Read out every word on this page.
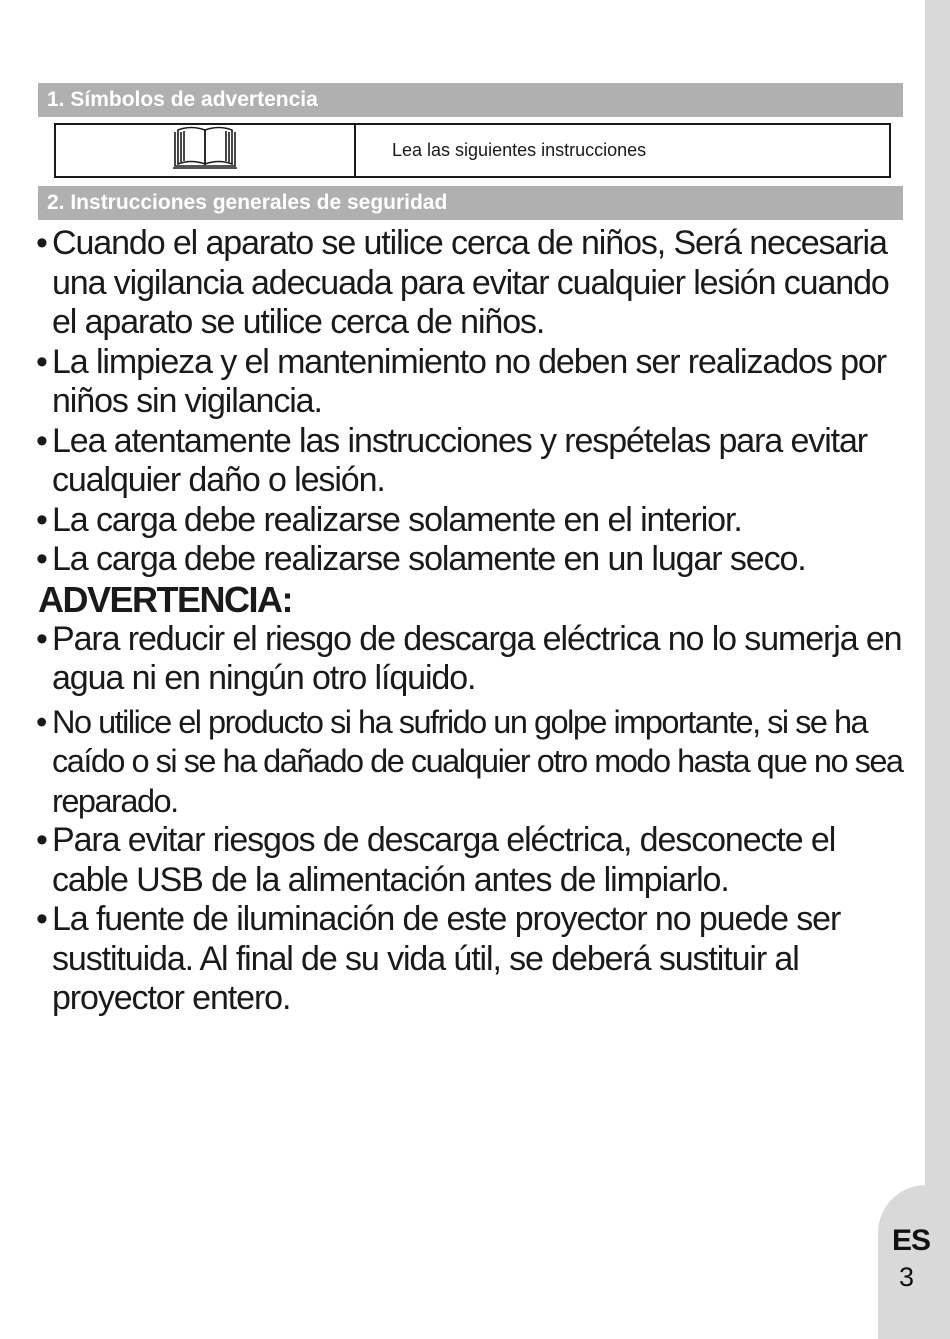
1. Símbolos de advertencia
Lea las siguientes instrucciones
2. Instrucciones generales de seguridad
• Cuando el aparato se utilice cerca de niños, Será necesaria una vigilancia adecuada para evitar cualquier lesión cuando el aparato se utilice cerca de niños.
• La limpieza y el mantenimiento no deben ser realizados por niños sin vigilancia.
• Lea atentamente las instrucciones y respételas para evitar cualquier daño o lesión.
• La carga debe realizarse solamente en el interior.
• La carga debe realizarse solamente en un lugar seco.
ADVERTENCIA:
• Para reducir el riesgo de descarga eléctrica no lo sumerja en agua ni en ningún otro líquido.
• No utilice el producto si ha sufrido un golpe importante, si se ha caído o si se ha dañado de cualquier otro modo hasta que no sea reparado.
• Para evitar riesgos de descarga eléctrica, desconecte el cable USB de la alimentación antes de limpiarlo.
• La fuente de iluminación de este proyector no puede ser sustituida. Al final de su vida útil, se deberá sustituir al proyector entero.
ES
3
